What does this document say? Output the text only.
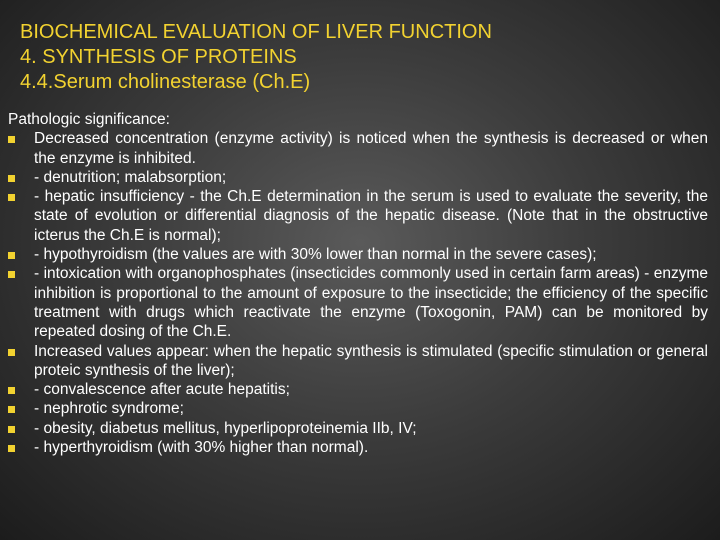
BIOCHEMICAL EVALUATION OF LIVER FUNCTION
4. SYNTHESIS OF PROTEINS
4.4.Serum cholinesterase (Ch.E)
Pathologic significance:
Decreased concentration (enzyme activity) is noticed when the synthesis is decreased or when the enzyme is inhibited.
- denutrition; malabsorption;
- hepatic insufficiency - the Ch.E determination in the serum is used to evaluate the severity, the state of evolution or differential diagnosis of the hepatic disease. (Note that in the obstructive icterus the Ch.E is normal);
- hypothyroidism (the values are with 30% lower than normal in the severe cases);
- intoxication with organophosphates (insecticides commonly used in certain farm areas) - enzyme inhibition is proportional to the amount of exposure to the insecticide; the efficiency of the specific treatment with drugs which reactivate the enzyme (Toxogonin, PAM) can be monitored by repeated dosing of the Ch.E.
Increased values appear: when the hepatic synthesis is stimulated (specific stimulation or general proteic synthesis of the liver);
- convalescence after acute hepatitis;
- nephrotic syndrome;
- obesity, diabetus mellitus, hyperlipoproteinemia IIb, IV;
- hyperthyroidism (with 30% higher than normal).
